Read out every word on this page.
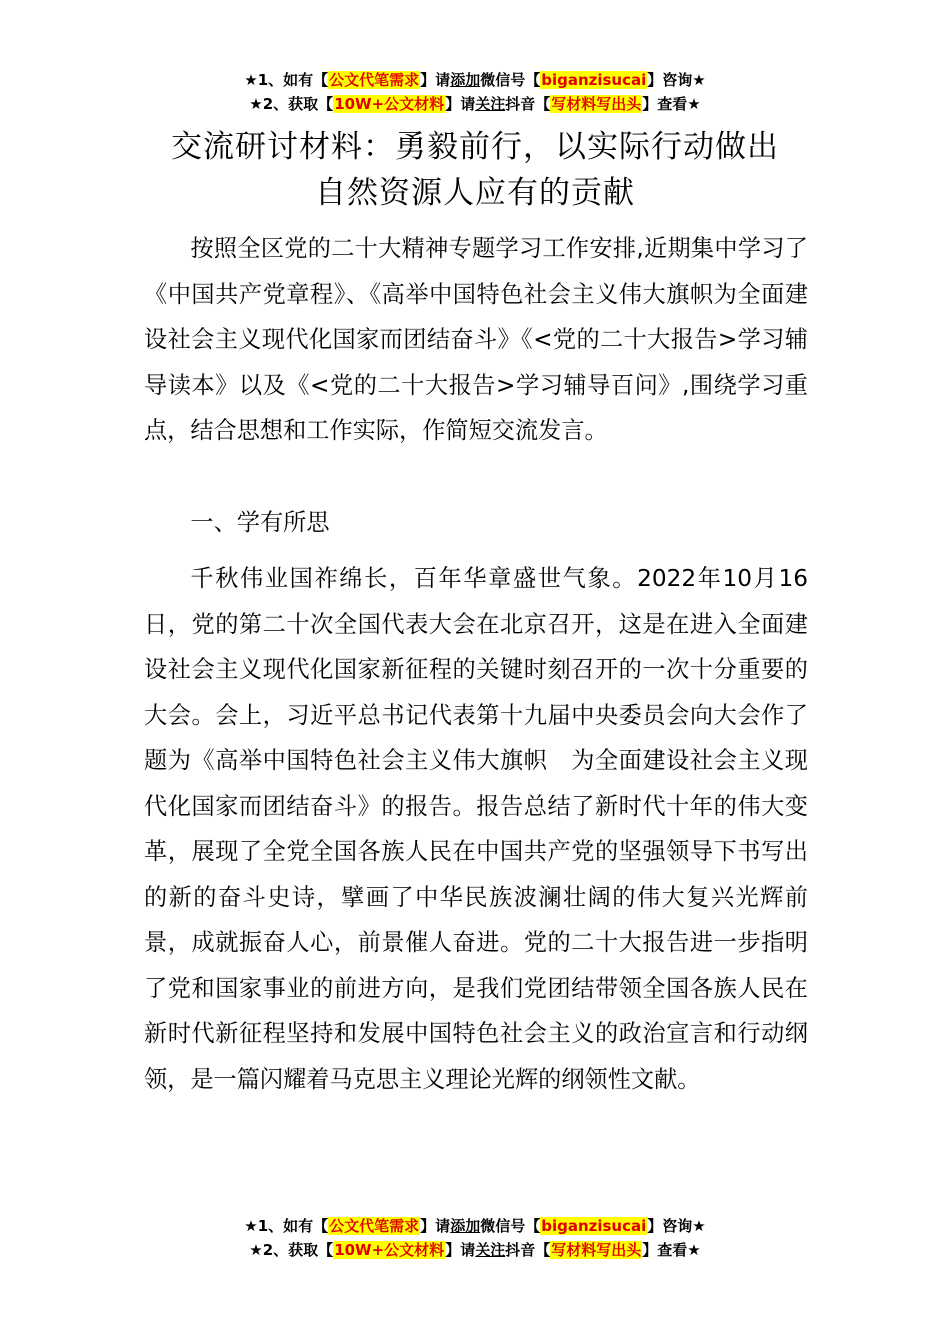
★1、如有【公文代笔需求】请添加微信号【biganzisucai】咨询★
★2、获取【10W+公文材料】请关注抖音【写材料写出头】查看★
交流研讨材料：勇毅前行，以实际行动做出
自然资源人应有的贡献

按照全区党的二十大精神专题学习工作安排,近期集中学习了《中国共产党章程》、《高举中国特色社会主义伟大旗帜为全面建设社会主义现代化国家而团结奋斗》《<党的二十大报告>学习辅导读本》以及《<党的二十大报告>学习辅导百问》,围绕学习重点，结合思想和工作实际，作简短交流发言。

一、学有所思

千秋伟业国祚绵长，百年华章盛世气象。2022年10月16日，党的第二十次全国代表大会在北京召开，这是在进入全面建设社会主义现代化国家新征程的关键时刻召开的一次十分重要的大会。会上，习近平总书记代表第十九届中央委员会向大会作了题为《高举中国特色社会主义伟大旗帜　为全面建设社会主义现代化国家而团结奋斗》的报告。报告总结了新时代十年的伟大变革，展现了全党全国各族人民在中国共产党的坚强领导下书写出的新的奋斗史诗，擘画了中华民族波澜壮阔的伟大复兴光辉前景，成就振奋人心，前景催人奋进。党的二十大报告进一步指明了党和国家事业的前进方向，是我们党团结带领全国各族人民在新时代新征程坚持和发展中国特色社会主义的政治宣言和行动纲领，是一篇闪耀着马克思主义理论光辉的纲领性文献。

★1、如有【公文代笔需求】请添加微信号【biganzisucai】咨询★
★2、获取【10W+公文材料】请关注抖音【写材料写出头】查看★
